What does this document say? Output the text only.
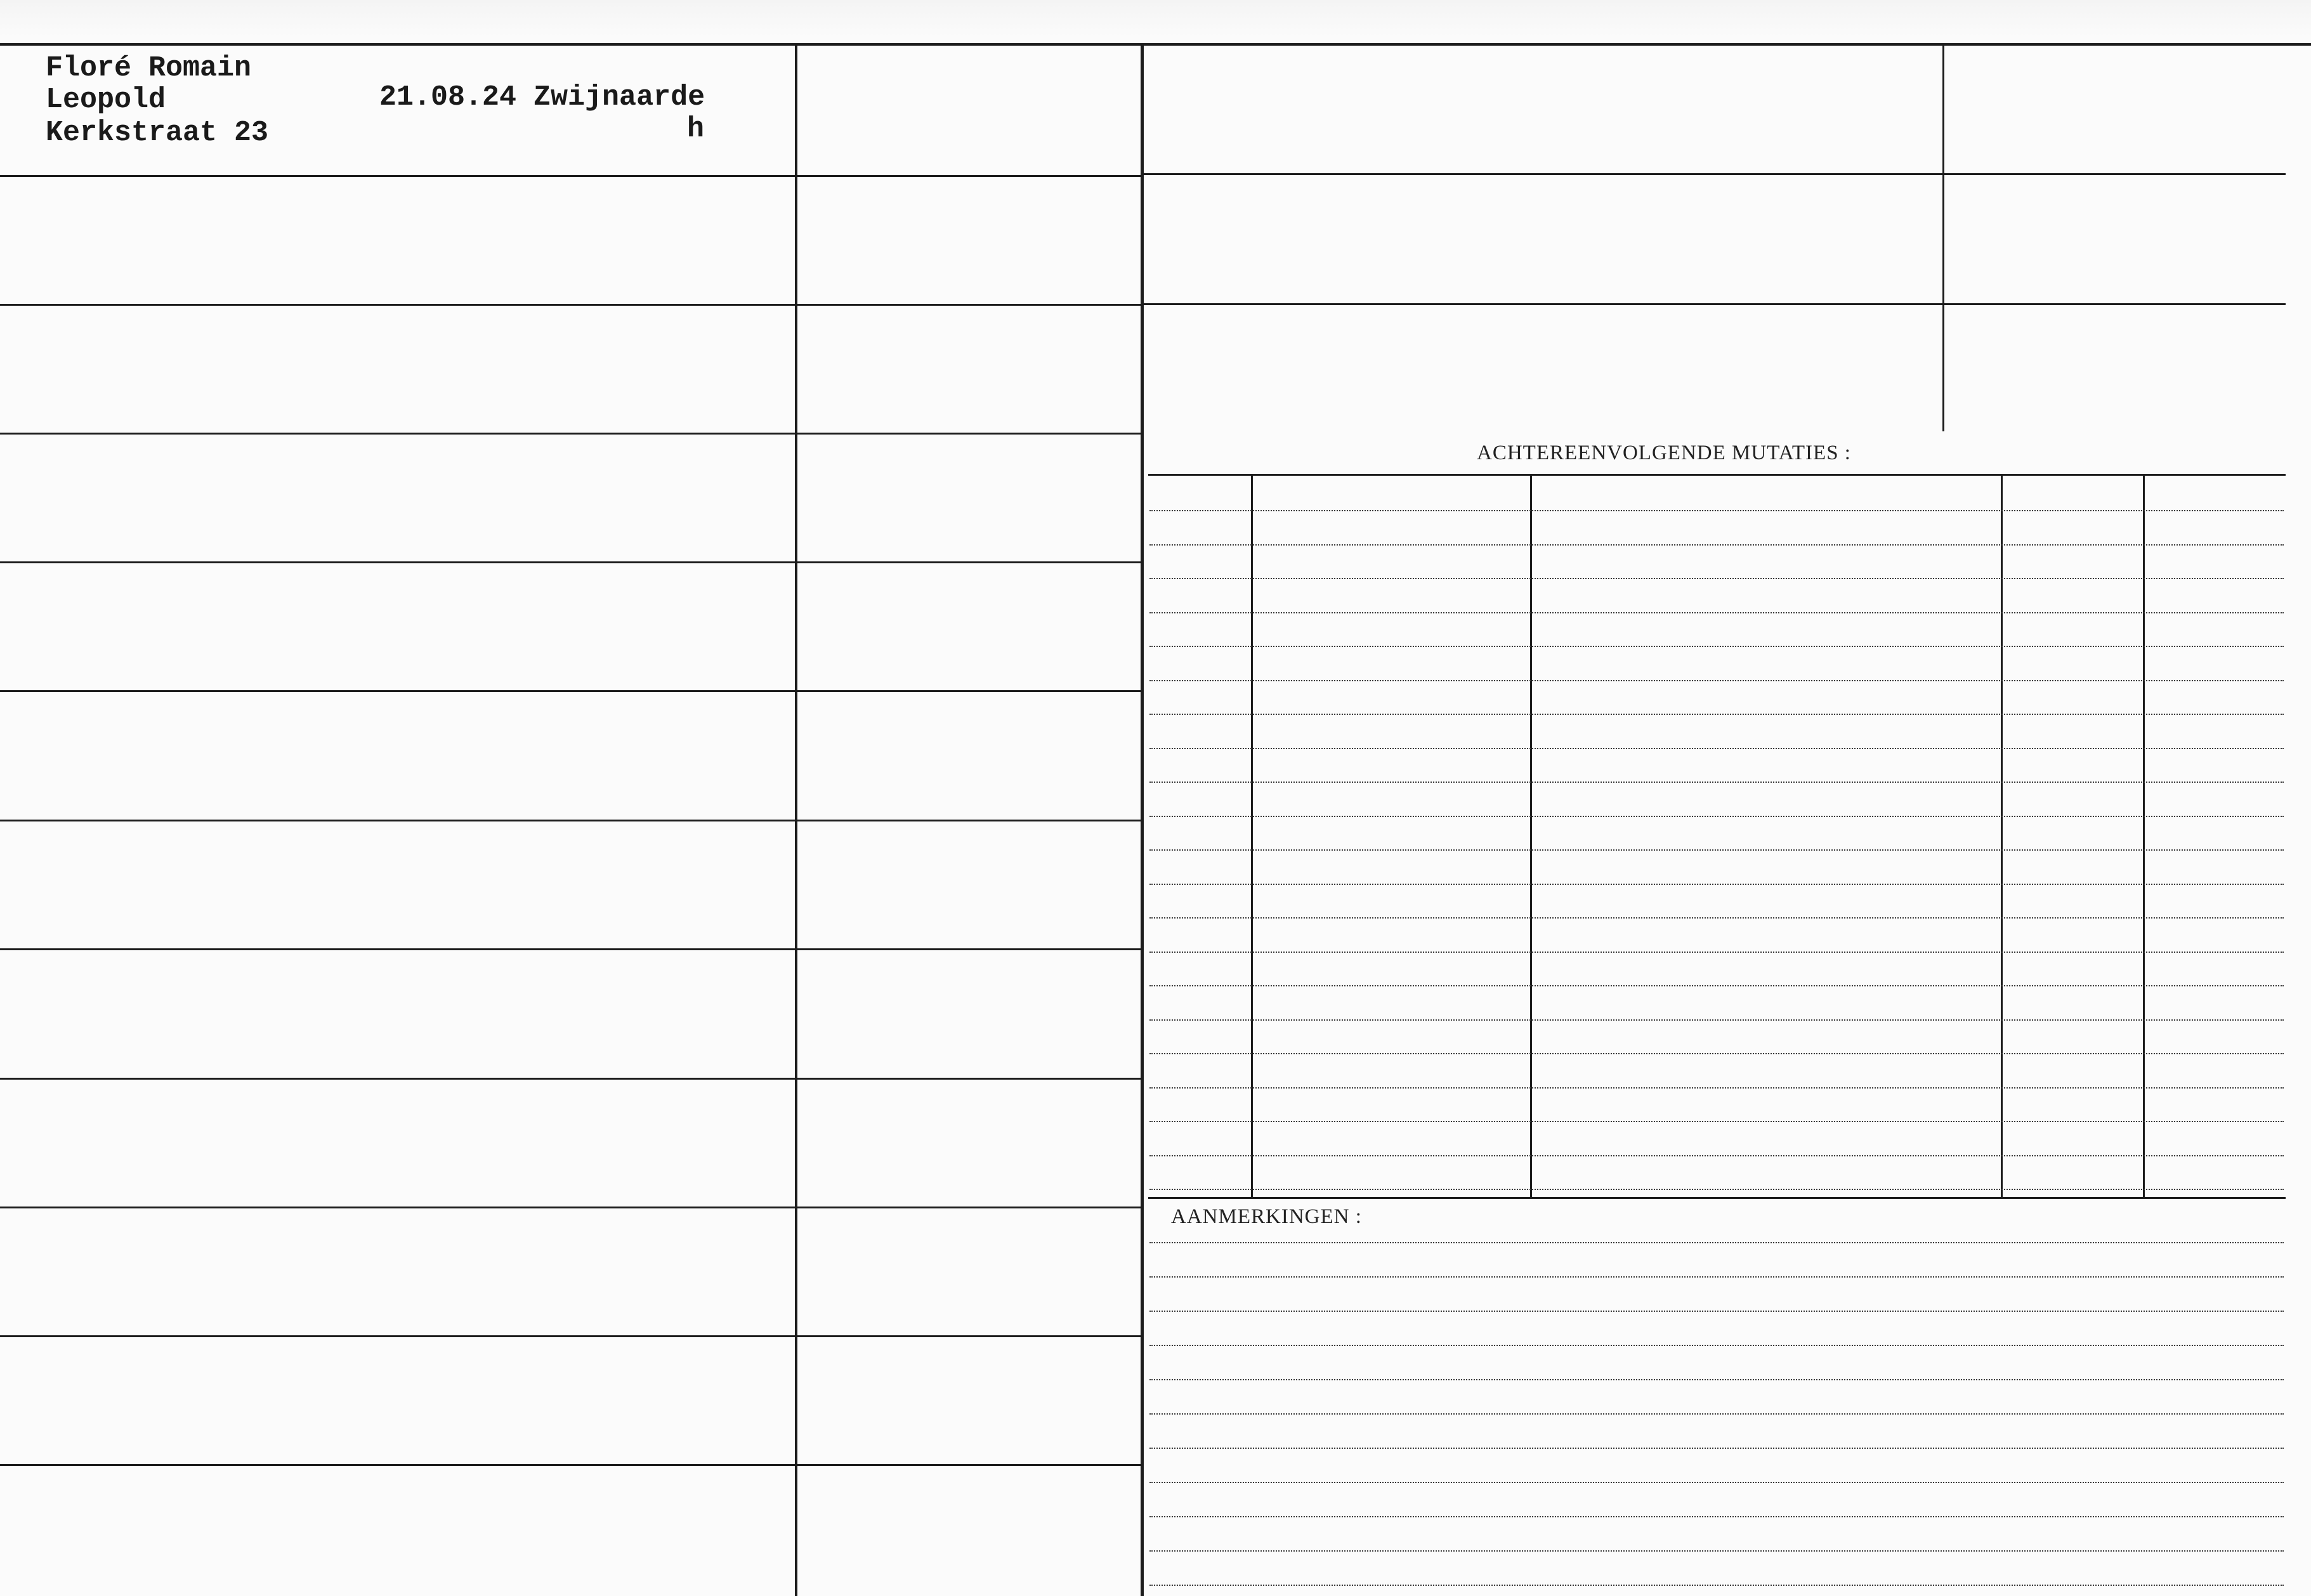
Floré Romain
Leopold
Kerkstraat 23
21.08.24 Zwijnaarde
h
ACHTEREENVOLGENDE MUTATIES :
AANMERKINGEN :
